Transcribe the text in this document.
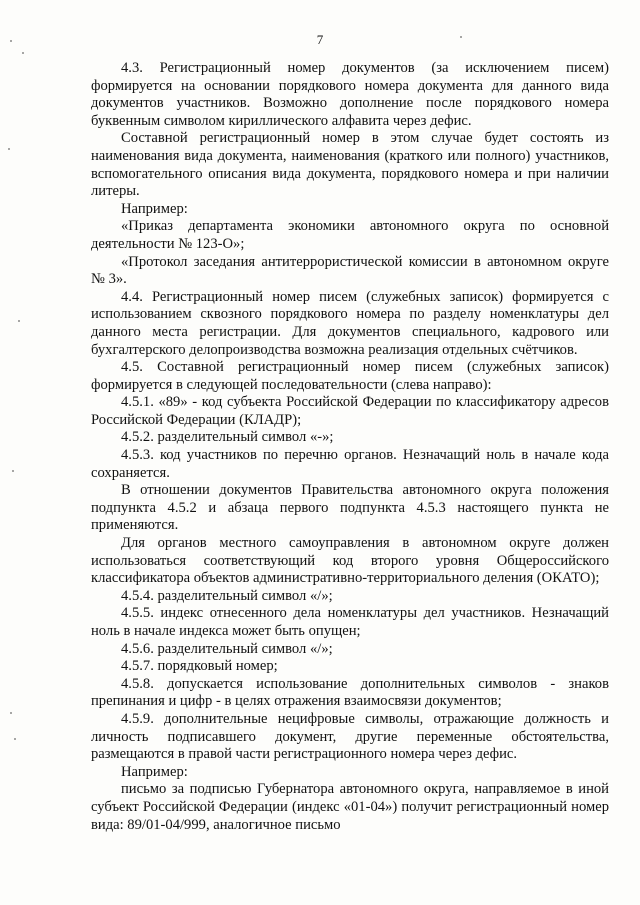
7

4.3. Регистрационный номер документов (за исключением писем) формируется на основании порядкового номера документа для данного вида документов участников. Возможно дополнение после порядкового номера буквенным символом кириллического алфавита через дефис.

Составной регистрационный номер в этом случае будет состоять из наименования вида документа, наименования (краткого или полного) участников, вспомогательного описания вида документа, порядкового номера и при наличии литеры.

Например:

«Приказ департамента экономики автономного округа по основной деятельности № 123-О»;

«Протокол заседания антитеррористической комиссии в автономном округе № 3».

4.4. Регистрационный номер писем (служебных записок) формируется с использованием сквозного порядкового номера по разделу номенклатуры дел данного места регистрации. Для документов специального, кадрового или бухгалтерского делопроизводства возможна реализация отдельных счётчиков.

4.5. Составной регистрационный номер писем (служебных записок) формируется в следующей последовательности (слева направо):

4.5.1. «89» - код субъекта Российской Федерации по классификатору адресов Российской Федерации (КЛАДР);

4.5.2. разделительный символ «-»;

4.5.3. код участников по перечню органов. Незначащий ноль в начале кода сохраняется.

В отношении документов Правительства автономного округа положения подпункта 4.5.2 и абзаца первого подпункта 4.5.3 настоящего пункта не применяются.

Для органов местного самоуправления в автономном округе должен использоваться соответствующий код второго уровня Общероссийского классификатора объектов административно-территориального деления (ОКАТО);

4.5.4. разделительный символ «/»;

4.5.5. индекс отнесенного дела номенклатуры дел участников. Незначащий ноль в начале индекса может быть опущен;

4.5.6. разделительный символ «/»;

4.5.7. порядковый номер;

4.5.8. допускается использование дополнительных символов - знаков препинания и цифр - в целях отражения взаимосвязи документов;

4.5.9. дополнительные нецифровые символы, отражающие должность и личность подписавшего документ, другие переменные обстоятельства, размещаются в правой части регистрационного номера через дефис.

Например:

письмо за подписью Губернатора автономного округа, направляемое в иной субъект Российской Федерации (индекс «01-04») получит регистрационный номер вида: 89/01-04/999, аналогичное письмо
